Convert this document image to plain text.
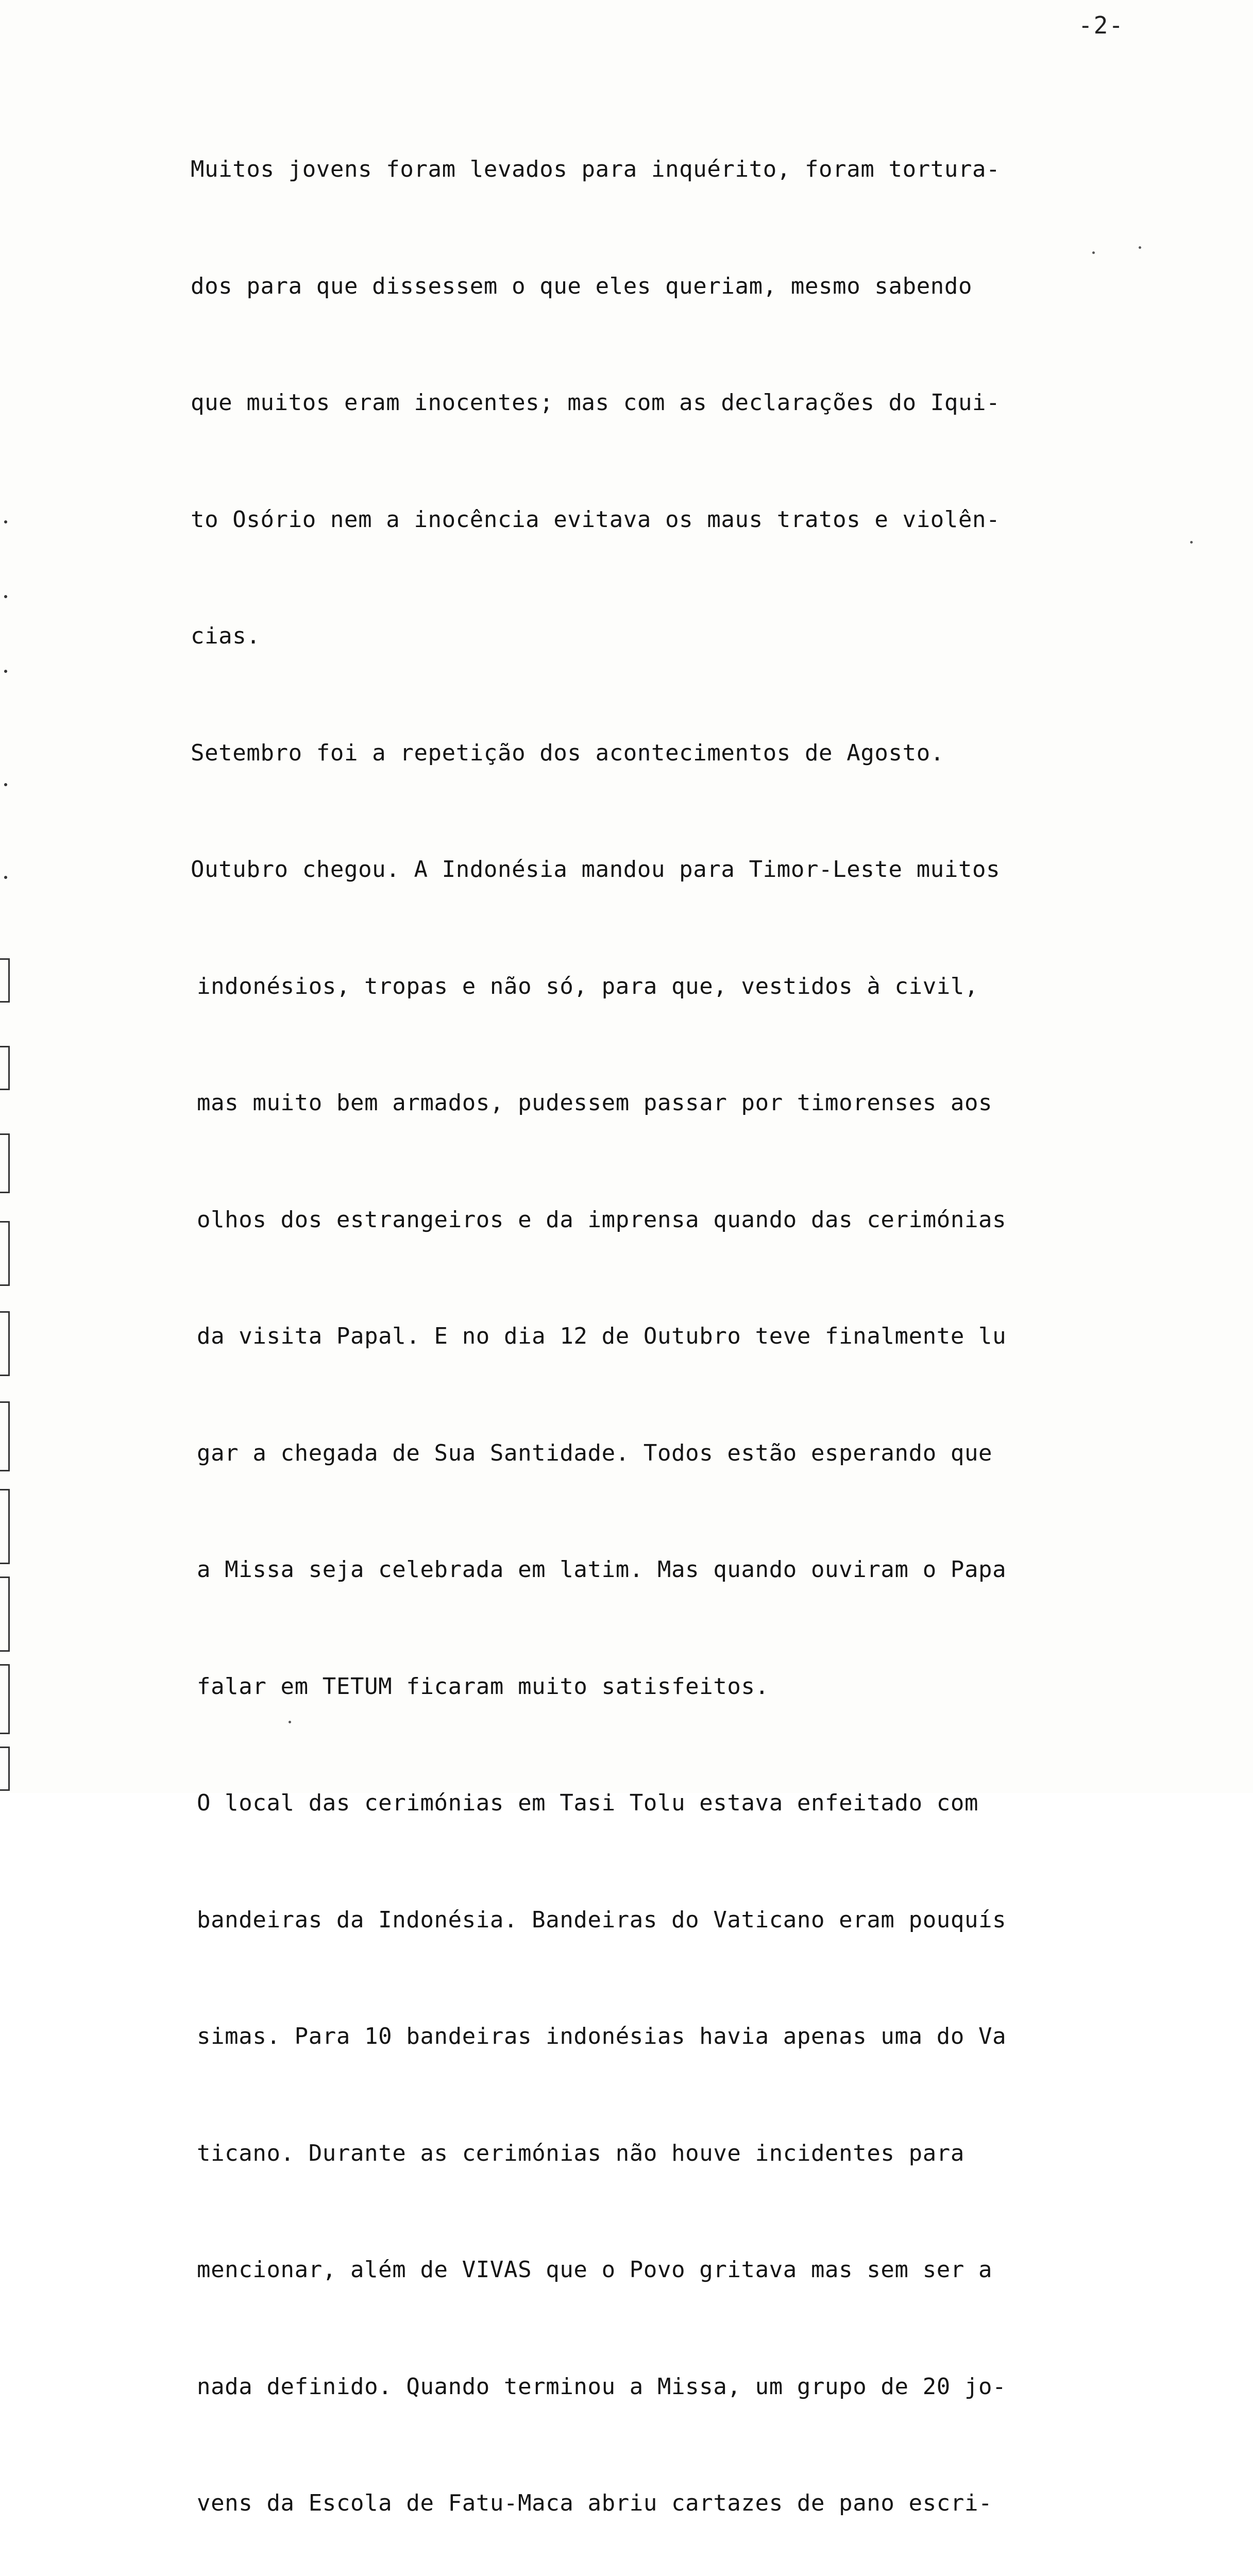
-2-

Muitos jovens foram levados para inquérito, foram tortura-

dos para que dissessem o que eles queriam, mesmo sabendo

que muitos eram inocentes; mas com as declarações do Iqui-

to Osório nem a inocência evitava os maus tratos e violên-

cias.

Setembro foi a repetição dos acontecimentos de Agosto.

Outubro chegou. A Indonésia mandou para Timor-Leste muitos

indonésios, tropas e não só, para que, vestidos à civil,

mas muito bem armados, pudessem passar por timorenses aos

olhos dos estrangeiros e da imprensa quando das cerimónias

da visita Papal. E no dia 12 de Outubro teve finalmente lu

gar a chegada de Sua Santidade. Todos estão esperando que

a Missa seja celebrada em latim. Mas quando ouviram o Papa

falar em TETUM ficaram muito satisfeitos.

O local das cerimónias em Tasi Tolu estava enfeitado com

bandeiras da Indonésia. Bandeiras do Vaticano eram pouquís

simas. Para 10 bandeiras indonésias havia apenas uma do Va

ticano. Durante as cerimónias não houve incidentes para

mencionar, além de VIVAS que o Povo gritava mas sem ser a

nada definido. Quando terminou a Missa, um grupo de 20 jo-

vens da Escola de Fatu-Maca abriu cartazes de pano escri-
